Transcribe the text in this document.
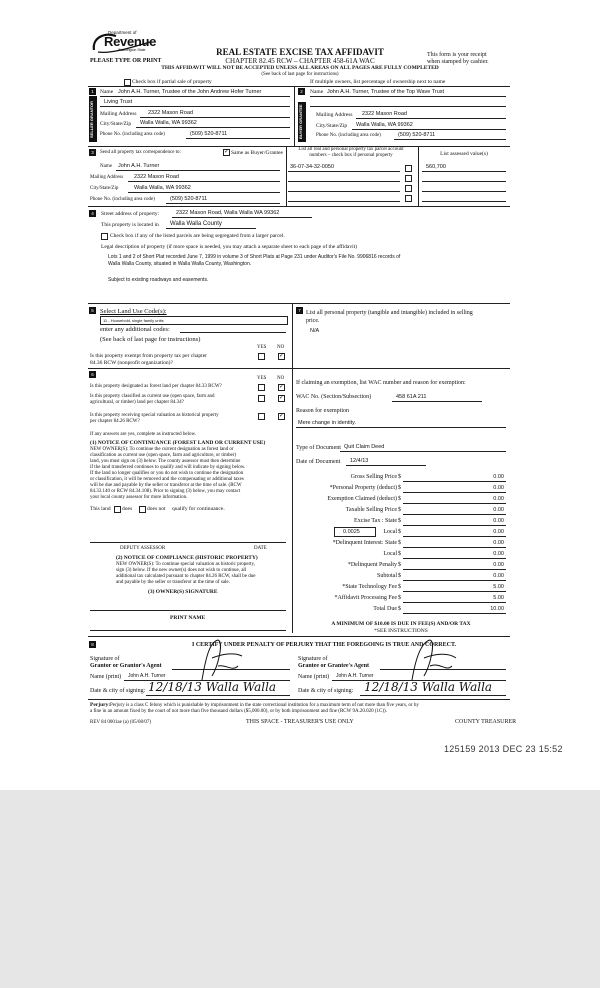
Department of
Revenue
Washington State	REAL ESTATE EXCISE TAX AFFIDAVIT
CHAPTER 82.45 RCW – CHAPTER 458-61A WAC
PLEASE TYPE OR PRINT
THIS AFFIDAVIT WILL NOT BE ACCEPTED UNLESS ALL AREAS ON ALL PAGES ARE FULLY COMPLETED
(See back of last page for instructions)
This form is your receipt
when stamped by cashier.
Check box if partial sale of property	If multiple owners, list percentage of ownership next to name
1
SELLER GRANTOR
Name John A.H. Turner, Trustee of the John Andrew Hofer Turner
Living Trust
Mailing Address 2322 Mason Road
City/State/Zip Walla Walla, WA 99362
Phone No. (including area code)	(509) 520-8711
2
BUYER GRANTEE
Name John A.H. Turner, Trustee of the Top Wave Trust
Mailing Address 2322 Mason Road
City/State/Zip Walla Walla, WA 99362
Phone No. (including area code)	(509) 520-8711
3	Send all property tax correspondence to: ✓	Same as Buyer/Grantee
Name John A.H. Turner
Mailing Address 2322 Mason Road
City/State/Zip	Walla Walla, WA 99362
Phone No. (including area code)	(509) 520-8711
List all real and personal property tax parcel account
numbers – check box if personal property	List assessed value(s)
36-07-34-32-0050	560,700
4	Street address of property:	2322 Mason Road, Walla Walla WA 99362
This property is located in Walla Walla County
Check box if any of the listed parcels are being segregated from a larger parcel.
Legal description of property (if more space is needed, you may attach a separate sheet to each page of the affidavit)
Lots 1 and 2 of Short Plat recorded June 7, 1999 in volume 3 of Short Plats at Page 231 under Auditor's File No. 9906816 records of
Walla Walla County, situated in Walla Walla County, Washington.
Subject to existing roadways and easements.
5 Select Land Use Code(s):
11 - Household, single family units
enter any additional codes:
(See back of last page for instructions)
YES NO
Is this property exempt from property tax per chapter
84.36 RCW (nonprofit organization)?
✓
6
YES NO
Is this property designated as forest land per chapter 84.33 RCW?
✓
Is this property classified as current use (open space, farm and
agricultural, or timber) land per chapter 84.34?
✓
Is this property receiving special valuation as historical property
per chapter 84.26 RCW?
✓
If any answers are yes, complete as instructed below.
(1) NOTICE OF CONTINUANCE (FOREST LAND OR CURRENT USE)
NEW OWNER(S): To continue the current designation as forest land or
classification as current use (open space, farm and agriculture, or timber)
land, you must sign on (3) below. The county assessor must then determine
if the land transferred continues to qualify and will indicate by signing below.
If the land no longer qualifies or you do not wish to continue the designation
or classification, it will be removed and the compensating or additional taxes
will be due and payable by the seller or transferor at the time of sale. (RCW
84.33.140 or RCW 84.34.108). Prior to signing (3) below, you may contact
your local county assessor for more information.
This land does	does not qualify for continuance.
DEPUTY ASSESSOR	DATE
(2) NOTICE OF COMPLIANCE (HISTORIC PROPERTY)
NEW OWNER(S): To continue special valuation as historic property,
sign (3) below. If the new owner(s) does not wish to continue, all
additional tax calculated pursuant to chapter 84.26 RCW, shall be due
and payable by the seller or transferor at the time of sale.
(3) OWNER(S) SIGNATURE
PRINT NAME
7 List all personal property (tangible and intangible) included in selling
price.
N/A
If claiming an exemption, list WAC number and reason for exemption:
WAC No. (Section/Subsection)	458 61A 211
Reason for exemption
Mere change in identity.
Type of Document Quit Claim Deed
Date of Document 12/4/13
Gross Selling Price $	0.00
*Personal Property (deduct) $	0.00
Exemption Claimed (deduct) $	0.00
Taxable Selling Price $	0.00
Excise Tax : State $	0.00
0.0025	Local $	0.00
*Delinquent Interest: State $	0.00
Local $	0.00
*Delinquent Penalty $	0.00
Subtotal $	0.00
*State Technology Fee $	5.00
*Affidavit Processing Fee $	5.00
Total Due $	10.00
A MINIMUM OF $10.00 IS DUE IN FEE(S) AND/OR TAX
*SEE INSTRUCTIONS
8	I CERTIFY UNDER PENALTY OF PERJURY THAT THE FOREGOING IS TRUE AND CORRECT.
Signature of
Grantor or Grantor's Agent
Signature of
Grantee or Grantee's Agent
Name (print) John A.H. Turner	Name (print) John A.H. Turner
Date & city of signing: 12/18/13 Walla Walla	Date & city of signing: 12/18/13 Walla Walla
Perjury: Perjury is a class C felony which is punishable by imprisonment in the state correctional institution for a maximum term of not more than five years, or by
a fine in an amount fixed by the court of not more than five thousand dollars ($5,000.00), or by both imprisonment and fine (RCW 9A.20.020 (1C)).
REV 84 0001ae (a) (05/08/07)	THIS SPACE - TREASURER'S USE ONLY	COUNTY TREASURER
125159 2013 DEC 23 15:52
